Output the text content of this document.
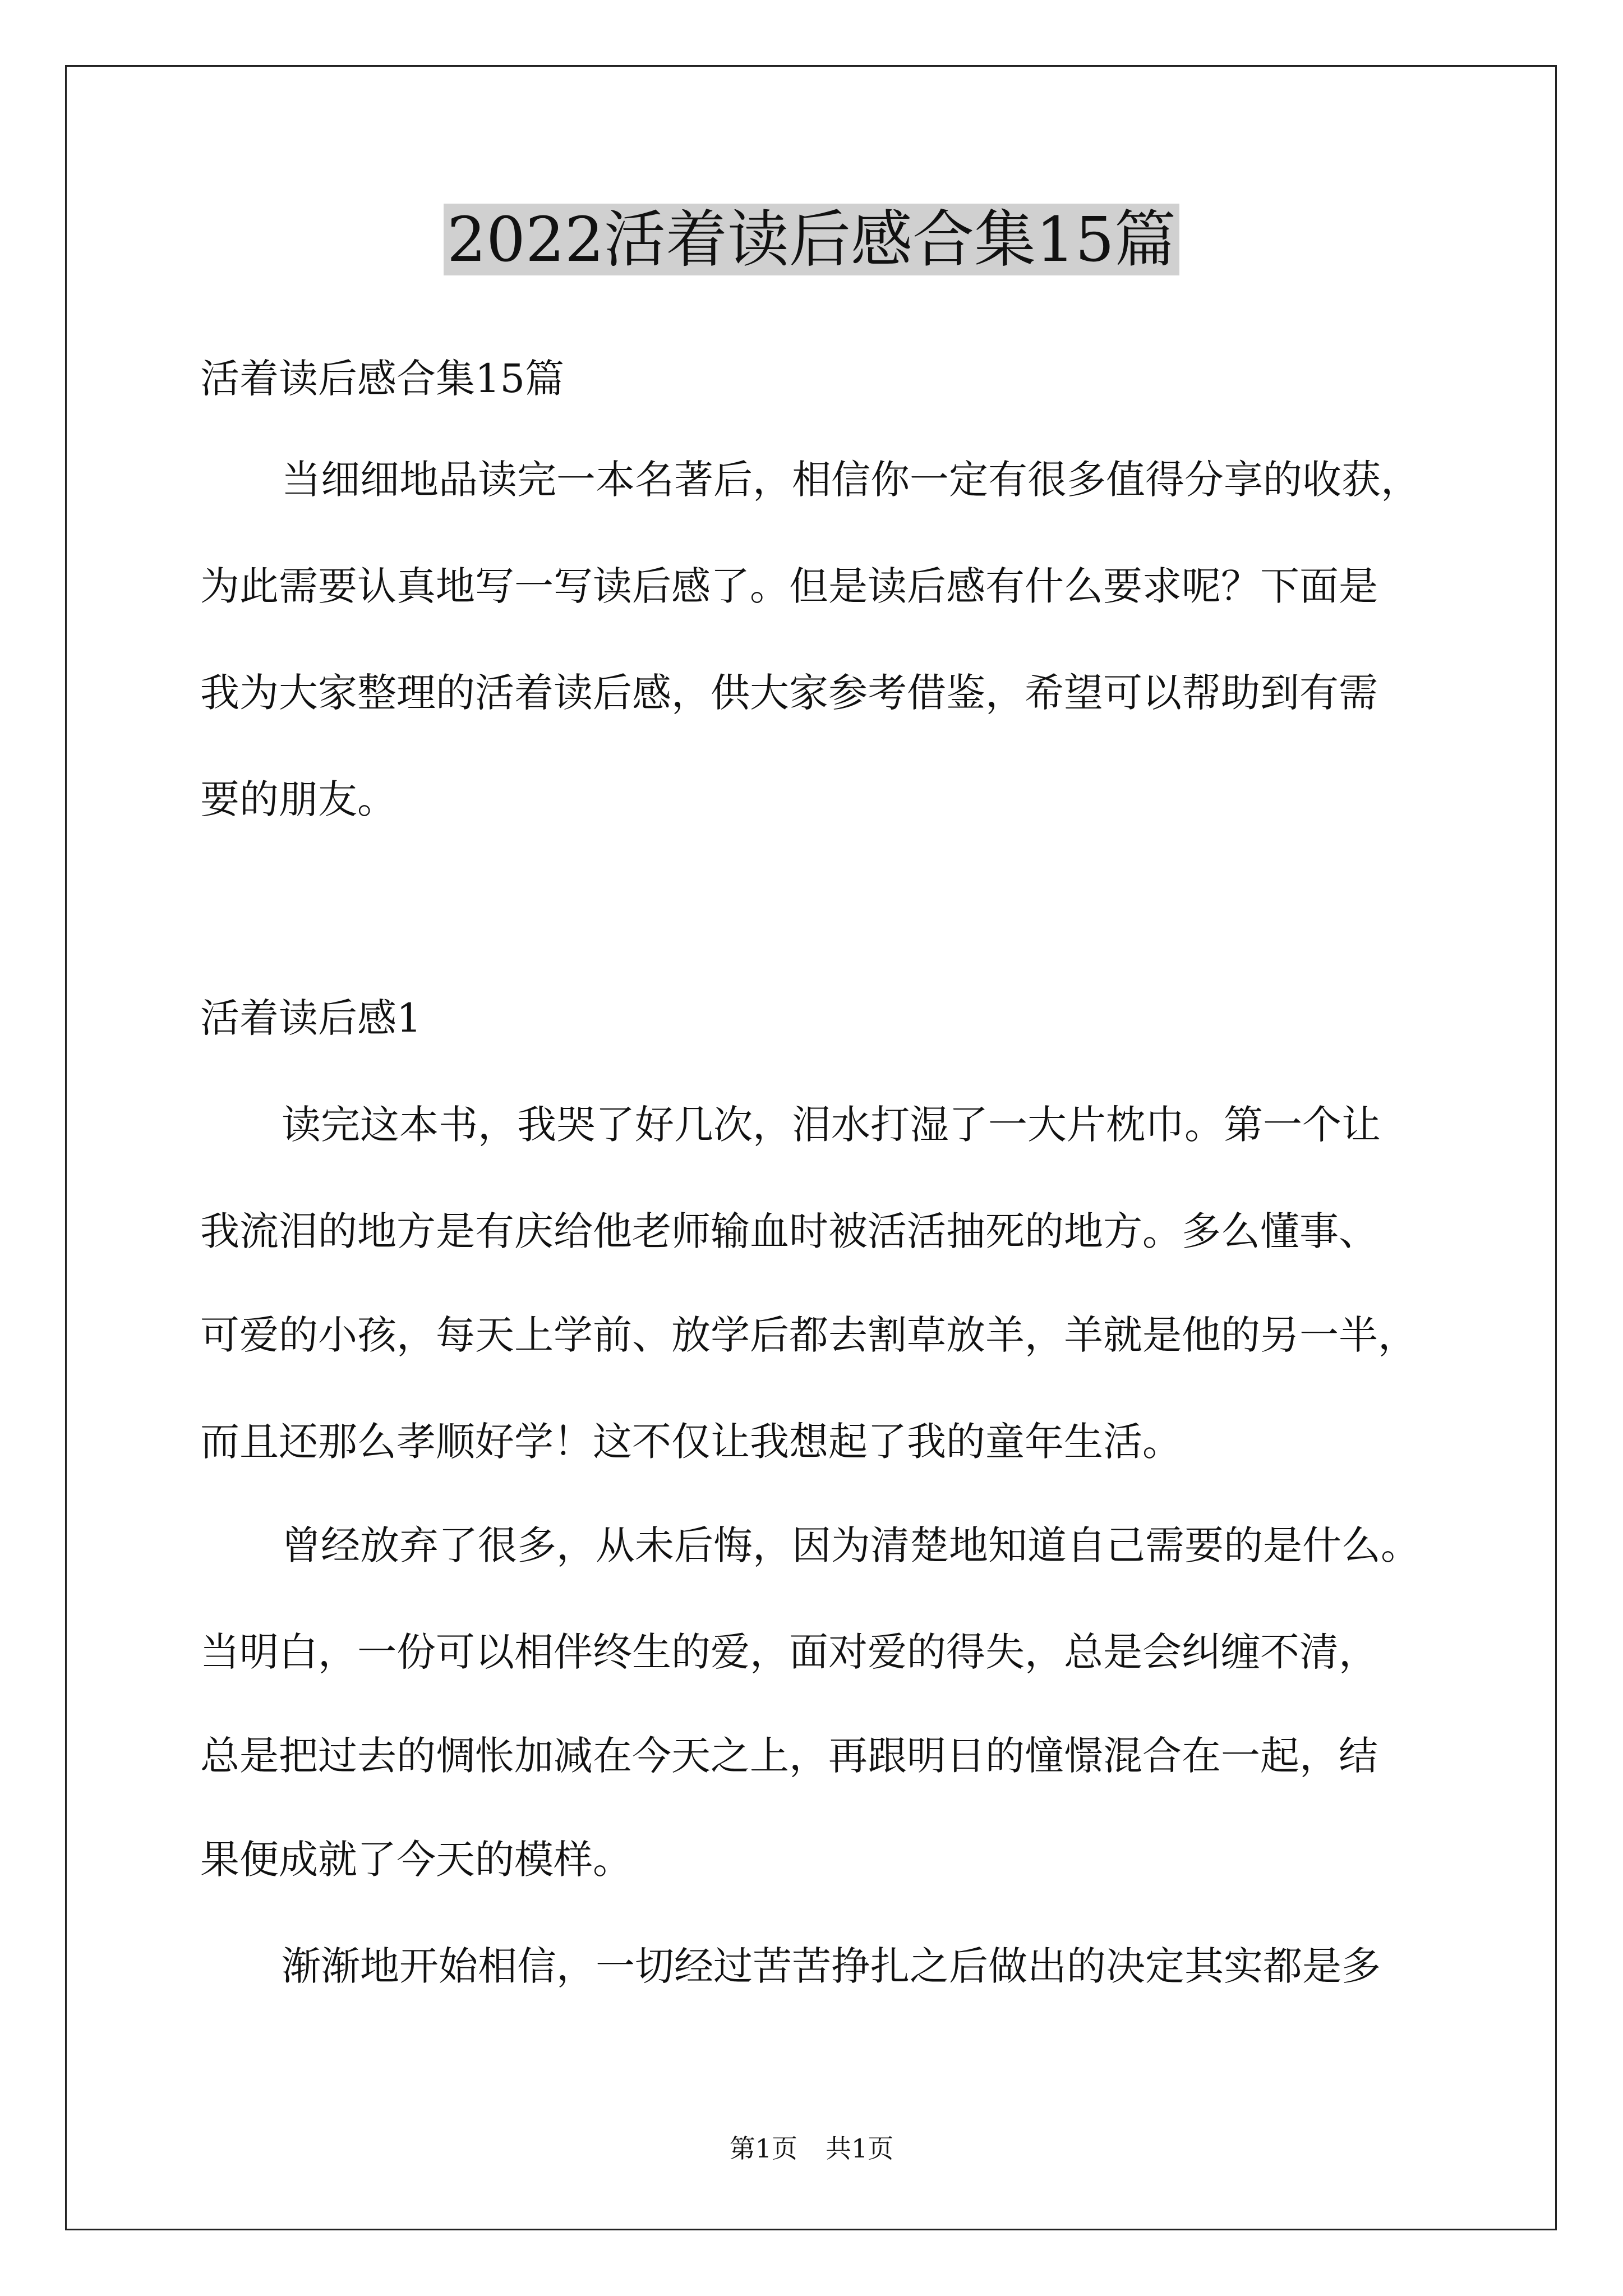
2022活着读后感合集15篇

活着读后感合集15篇

当细细地品读完一本名著后，相信你一定有很多值得分享的收获，

为此需要认真地写一写读后感了。但是读后感有什么要求呢？下面是

我为大家整理的活着读后感，供大家参考借鉴，希望可以帮助到有需

要的朋友。

活着读后感1

读完这本书，我哭了好几次，泪水打湿了一大片枕巾。第一个让

我流泪的地方是有庆给他老师输血时被活活抽死的地方。多么懂事、

可爱的小孩，每天上学前、放学后都去割草放羊，羊就是他的另一半，

而且还那么孝顺好学！这不仅让我想起了我的童年生活。

曾经放弃了很多，从未后悔，因为清楚地知道自己需要的是什么。

当明白，一份可以相伴终生的爱，面对爱的得失，总是会纠缠不清，

总是把过去的惆怅加减在今天之上，再跟明日的憧憬混合在一起，结

果便成就了今天的模样。

渐渐地开始相信，一切经过苦苦挣扎之后做出的决定其实都是多

第1页 共1页
